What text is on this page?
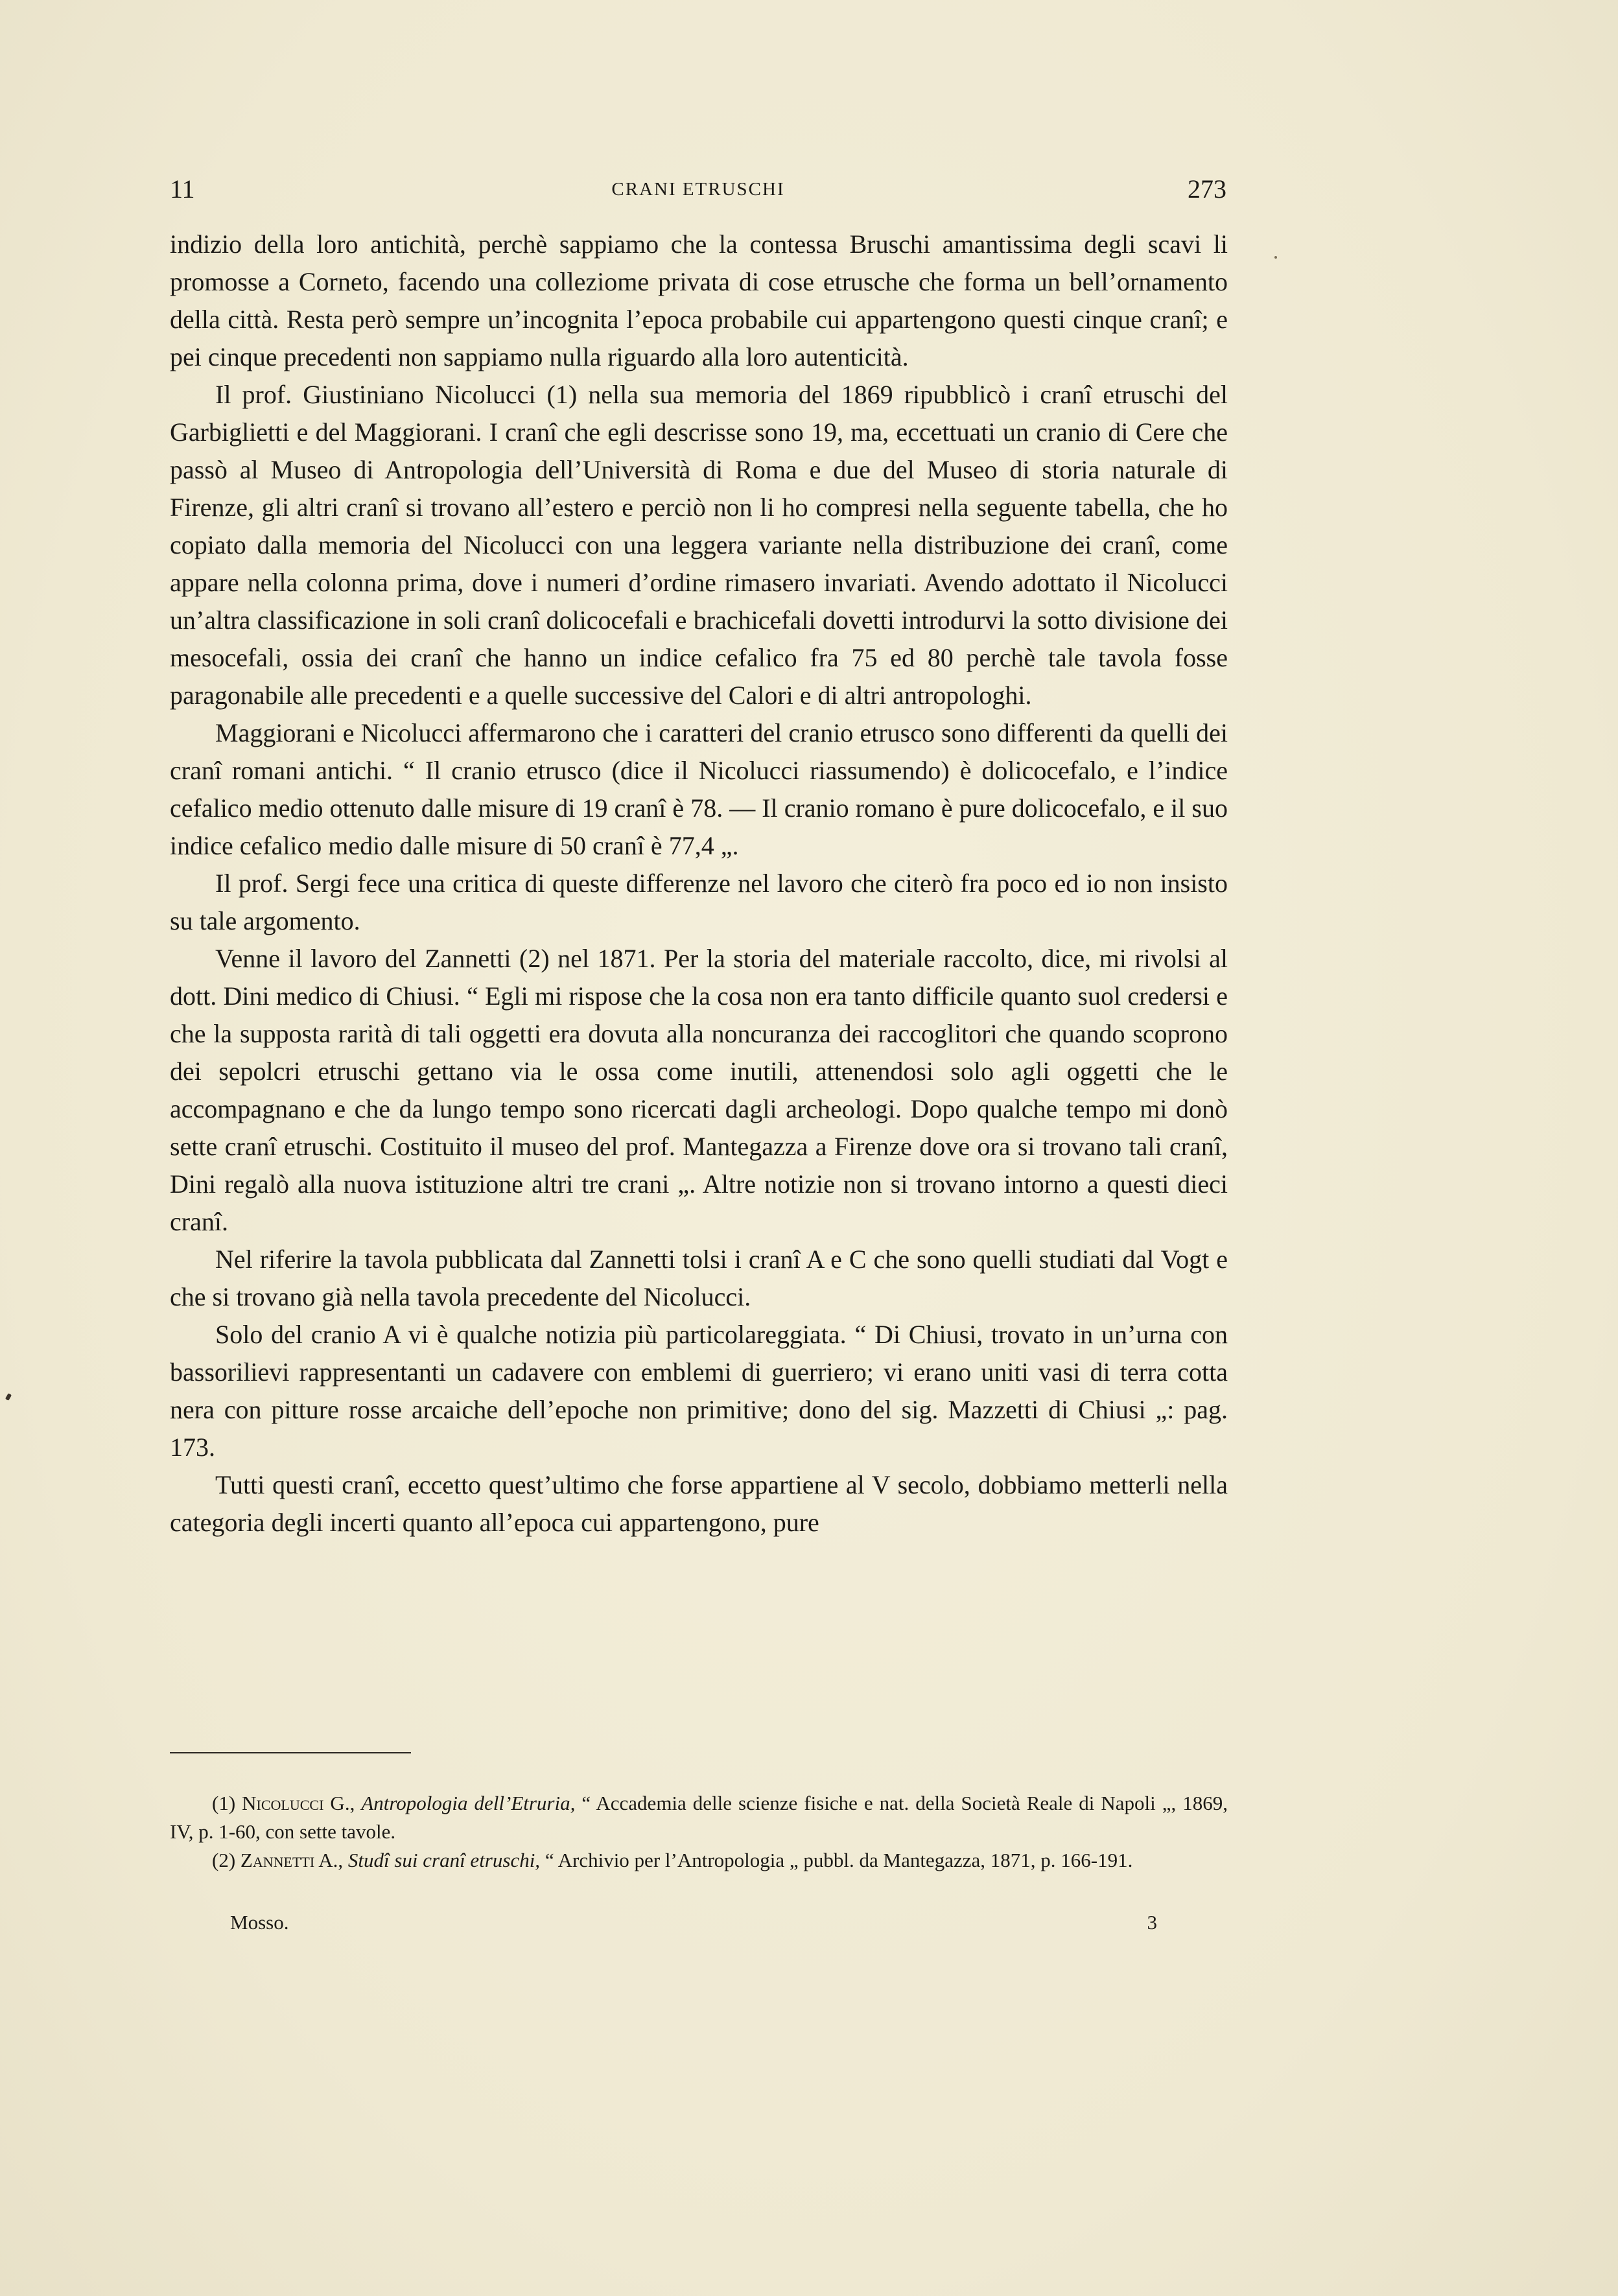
11	CRANI ETRUSCHI	273

indizio della loro antichità, perchè sappiamo che la contessa Bruschi amantissima degli scavi li promosse a Corneto, facendo una colleziome privata di cose etrusche che forma un bell’ornamento della città. Resta però sempre un’incognita l’epoca probabile cui appartengono questi cinque cranî; e pei cinque precedenti non sappiamo nulla riguardo alla loro autenticità.

Il prof. Giustiniano Nicolucci (1) nella sua memoria del 1869 ripubblicò i cranî etruschi del Garbiglietti e del Maggiorani. I cranî che egli descrisse sono 19, ma, eccettuati un cranio di Cere che passò al Museo di Antropologia dell’Università di Roma e due del Museo di storia naturale di Firenze, gli altri cranî si trovano all’estero e perciò non li ho compresi nella seguente tabella, che ho copiato dalla memoria del Nicolucci con una leggera variante nella distribuzione dei cranî, come appare nella colonna prima, dove i numeri d’ordine rimasero invariati. Avendo adottato il Nicolucci un’altra classificazione in soli cranî dolicocefali e brachicefali dovetti introdurvi la sotto divisione dei mesocefali, ossia dei cranî che hanno un indice cefalico fra 75 ed 80 perchè tale tavola fosse paragonabile alle precedenti e a quelle successive del Calori e di altri antropologhi.

Maggiorani e Nicolucci affermarono che i caratteri del cranio etrusco sono differenti da quelli dei cranî romani antichi. “ Il cranio etrusco (dice il Nicolucci riassumendo) è dolicocefalo, e l’indice cefalico medio ottenuto dalle misure di 19 cranî è 78. — Il cranio romano è pure dolicocefalo, e il suo indice cefalico medio dalle misure di 50 cranî è 77,4 „.

Il prof. Sergi fece una critica di queste differenze nel lavoro che citerò fra poco ed io non insisto su tale argomento.

Venne il lavoro del Zannetti (2) nel 1871. Per la storia del materiale raccolto, dice, mi rivolsi al dott. Dini medico di Chiusi. “ Egli mi rispose che la cosa non era tanto difficile quanto suol credersi e che la supposta rarità di tali oggetti era dovuta alla noncuranza dei raccoglitori che quando scoprono dei sepolcri etruschi gettano via le ossa come inutili, attenendosi solo agli oggetti che le accompagnano e che da lungo tempo sono ricercati dagli archeologi. Dopo qualche tempo mi donò sette cranî etruschi. Costituito il museo del prof. Mantegazza a Firenze dove ora si trovano tali cranî, Dini regalò alla nuova istituzione altri tre crani „. Altre notizie non si trovano intorno a questi dieci cranî.

Nel riferire la tavola pubblicata dal Zannetti tolsi i cranî A e C che sono quelli studiati dal Vogt e che si trovano già nella tavola precedente del Nicolucci.

Solo del cranio A vi è qualche notizia più particolareggiata. “ Di Chiusi, trovato in un’urna con bassorilievi rappresentanti un cadavere con emblemi di guerriero; vi erano uniti vasi di terra cotta nera con pitture rosse arcaiche dell’epoche non primitive; dono del sig. Mazzetti di Chiusi „: pag. 173.

Tutti questi cranî, eccetto quest’ultimo che forse appartiene al V secolo, dobbiamo metterli nella categoria degli incerti quanto all’epoca cui appartengono, pure

(1) Nicolucci G., Antropologia dell’Etruria, “ Accademia delle scienze fisiche e nat. della Società Reale di Napoli „, 1869, IV, p. 1-60, con sette tavole.

(2) Zannetti A., Studî sui cranî etruschi, “ Archivio per l’Antropologia „ pubbl. da Mantegazza, 1871, p. 166-191.

Mosso.	3
